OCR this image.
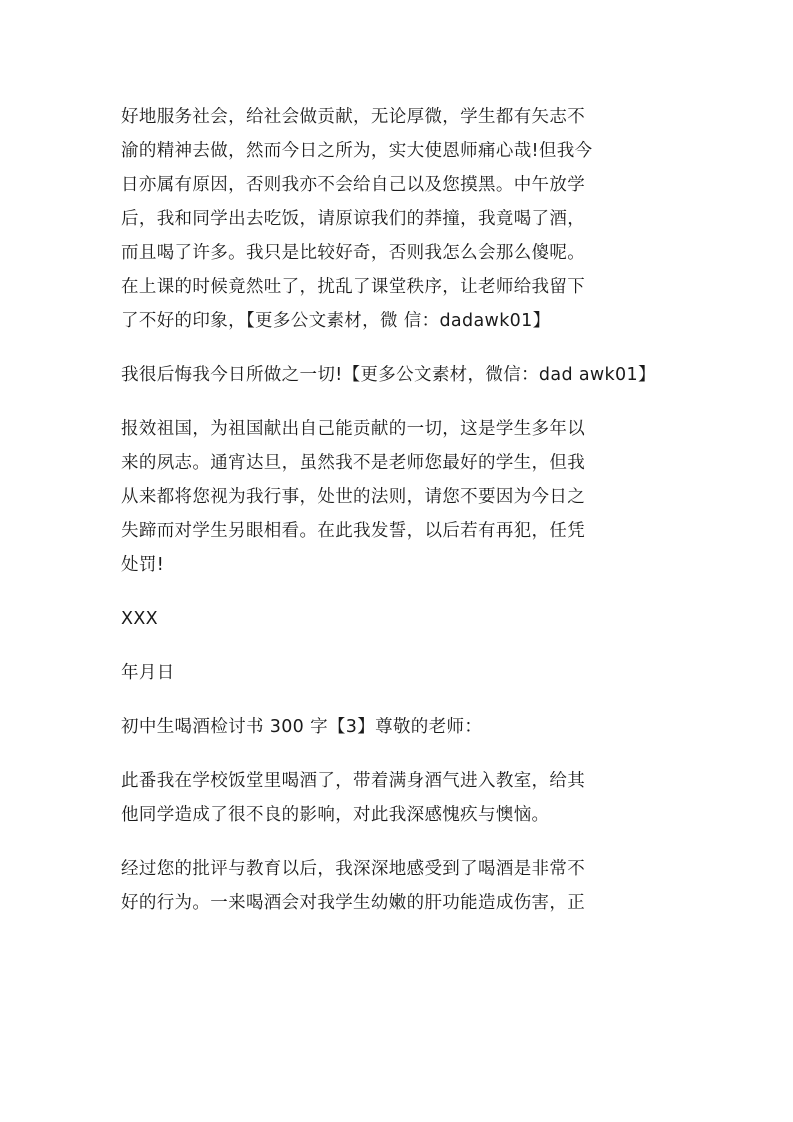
好地服务社会，给社会做贡献，无论厚微，学生都有矢志不
渝的精神去做，然而今日之所为，实大使恩师痛心哉!但我今
日亦属有原因，否则我亦不会给自己以及您摸黑。中午放学
后，我和同学出去吃饭，请原谅我们的莽撞，我竟喝了酒，
而且喝了许多。我只是比较好奇，否则我怎么会那么傻呢。
在上课的时候竟然吐了，扰乱了课堂秩序，让老师给我留下
了不好的印象，【更多公文素材，微 信：dadawk01】

我很后悔我今日所做之一切!【更多公文素材，微信：dad awk01】

报效祖国，为祖国献出自己能贡献的一切，这是学生多年以
来的夙志。通宵达旦，虽然我不是老师您最好的学生，但我
从来都将您视为我行事，处世的法则，请您不要因为今日之
失蹄而对学生另眼相看。在此我发誓，以后若有再犯，任凭
处罚!

XXX

年月日

初中生喝酒检讨书 300 字【3】尊敬的老师：

此番我在学校饭堂里喝酒了，带着满身酒气进入教室，给其
他同学造成了很不良的影响，对此我深感愧疚与懊恼。

经过您的批评与教育以后，我深深地感受到了喝酒是非常不
好的行为。一来喝酒会对我学生幼嫩的肝功能造成伤害，正
